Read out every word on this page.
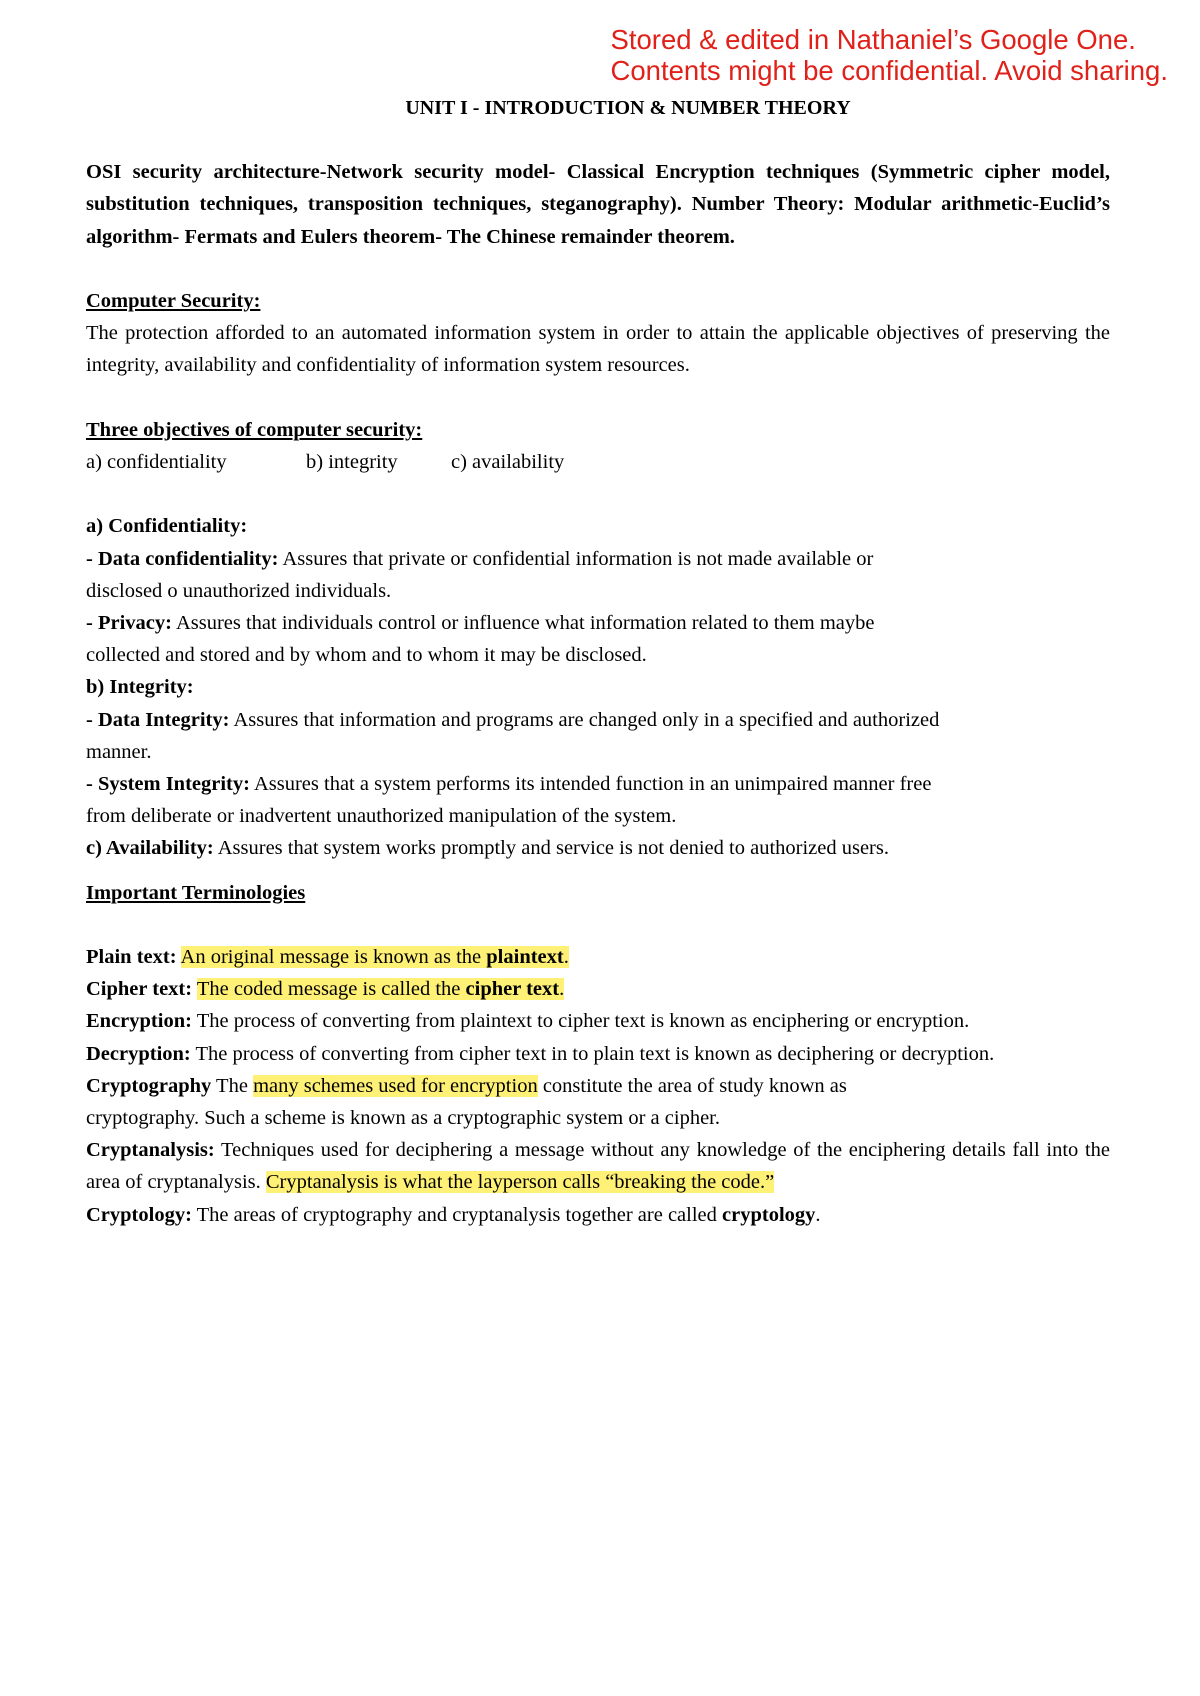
Stored & edited in Nathaniel’s Google One.
Contents might be confidential. Avoid sharing.
UNIT I - INTRODUCTION & NUMBER THEORY

OSI security architecture-Network security model- Classical Encryption techniques (Symmetric cipher model, substitution techniques, transposition techniques, steganography). Number Theory: Modular arithmetic-Euclid’s algorithm- Fermats and Eulers theorem- The Chinese remainder theorem.

Computer Security:
The protection afforded to an automated information system in order to attain the applicable objectives of preserving the integrity, availability and confidentiality of information system resources.
Three objectives of computer security:
a) confidentiality	b) integrity	c) availability
a) Confidentiality:
- Data confidentiality: Assures that private or confidential information is not made available or
disclosed o unauthorized individuals.
- Privacy: Assures that individuals control or influence what information related to them maybe
collected and stored and by whom and to whom it may be disclosed.
b) Integrity:
- Data Integrity: Assures that information and programs are changed only in a specified and authorized
manner.
- System Integrity: Assures that a system performs its intended function in an unimpaired manner free
from deliberate or inadvertent unauthorized manipulation of the system.
c) Availability: Assures that system works promptly and service is not denied to authorized users.
Important Terminologies
Plain text: An original message is known as the plaintext.
Cipher text: The coded message is called the cipher text.
Encryption: The process of converting from plaintext to cipher text is known as enciphering or encryption.
Decryption: The process of converting from cipher text in to plain text is known as deciphering or decryption.
Cryptography The many schemes used for encryption constitute the area of study known as
cryptography. Such a scheme is known as a cryptographic system or a cipher.
Cryptanalysis: Techniques used for deciphering a message without any knowledge of the enciphering details fall into the area of cryptanalysis. Cryptanalysis is what the layperson calls “breaking the code.”
Cryptology: The areas of cryptography and cryptanalysis together are called cryptology.
